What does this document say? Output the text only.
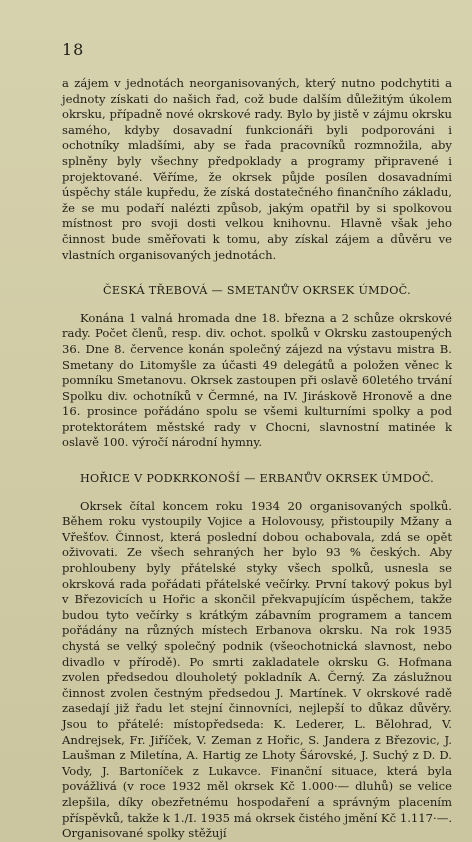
18

a zájem v jednotách neorganisovaných, který nutno podchytiti a jednoty získati do našich řad, což bude dalším důležitým úkolem okrsku, případně nové okrskové rady. Bylo by jistě v zájmu okrsku samého, kdyby dosavadní funkcionáři byli podporováni i ochotníky mladšími, aby se řada pracovníků rozmnožila, aby splněny byly všechny předpoklady a programy připravené i projektované. Věříme, že okrsek půjde posílen dosavadními úspěchy stále kupředu, že získá dostatečného finančního základu, že se mu podaří nalézti způsob, jakým opatřil by si spolkovou místnost pro svoji dosti velkou knihovnu. Hlavně však jeho činnost bude směřovati k tomu, aby získal zájem a důvěru ve vlastních organisovaných jednotách.

ČESKÁ TŘEBOVÁ — SMETANŮV OKRSEK ÚMDOČ.

Konána 1 valná hromada dne 18. března a 2 schůze okrskové rady. Počet členů, resp. div. ochot. spolků v Okrsku zastoupených 36. Dne 8. července konán společný zájezd na výstavu mistra B. Smetany do Litomyšle za účasti 49 delegátů a položen věnec k pomníku Smetanovu. Okrsek zastoupen při oslavě 60letého trvání Spolku div. ochotníků v Čermné, na IV. Jiráskově Hronově a dne 16. prosince pořádáno spolu se všemi kulturními spolky a pod protektorátem městské rady v Chocni, slavnostní matinée k oslavě 100. výročí národní hymny.

HOŘICE V PODKRKONOŠÍ — ERBANŮV OKRSEK ÚMDOČ.

Okrsek čítal koncem roku 1934 20 organisovaných spolků. Během roku vystoupily Vojice a Holovousy, přistoupily Mžany a Vřešťov. Činnost, která poslední dobou ochabovala, zdá se opět oživovati. Ze všech sehraných her bylo 93 % českých. Aby prohloubeny byly přátelské styky všech spolků, usnesla se okrsková rada pořádati přátelské večírky. První takový pokus byl v Březovicích u Hořic a skončil překvapujícím úspěchem, takže budou tyto večírky s krátkým zábavním programem a tancem pořádány na různých místech Erbanova okrsku. Na rok 1935 chystá se velký společný podnik (všeochotnická slavnost, nebo divadlo v přírodě). Po smrti zakladatele okrsku G. Hofmana zvolen předsedou dlouholetý pokladník A. Černý. Za záslužnou činnost zvolen čestným předsedou J. Martínek. V okrskové radě zasedají již řadu let stejní činnovníci, nejlepší to důkaz důvěry. Jsou to přátelé: místopředseda: K. Lederer, L. Bělohrad, V. Andrejsek, Fr. Jiříček, V. Zeman z Hořic, S. Jandera z Březovic, J. Laušman z Miletína, A. Hartig ze Lhoty Šárovské, J. Suchý z D. D. Vody, J. Bartoníček z Lukavce. Finanční situace, která byla povážlivá (v roce 1932 měl okrsek Kč 1.000·— dluhů) se velice zlepšila, díky obezřetnému hospodaření a správným placením příspěvků, takže k 1./I. 1935 má okrsek čistého jmění Kč 1.117·—. Organisované spolky stěžují
